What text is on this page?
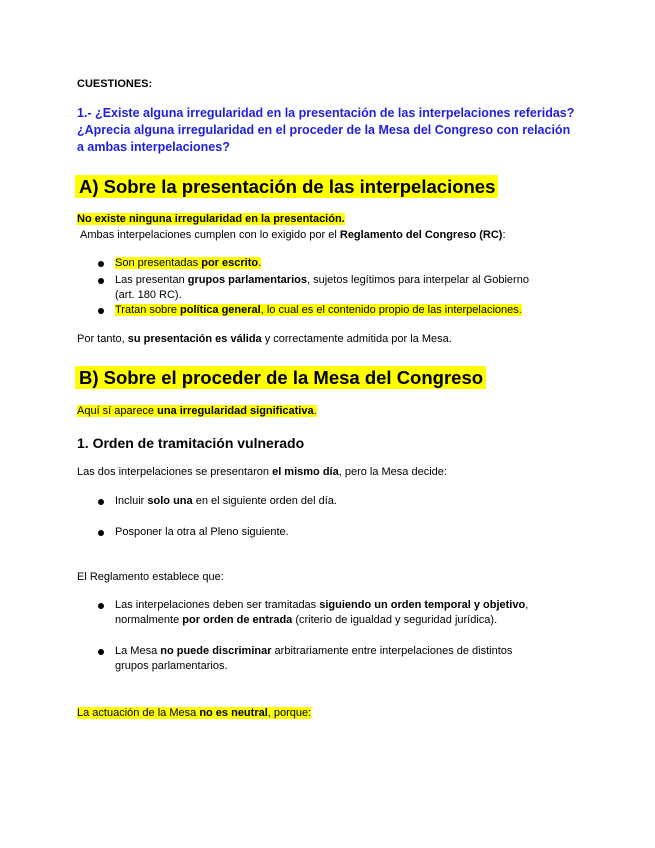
CUESTIONES:
1.- ¿Existe alguna irregularidad en la presentación de las interpelaciones referidas? ¿Aprecia alguna irregularidad en el proceder de la Mesa del Congreso con relación a ambas interpelaciones?
A) Sobre la presentación de las interpelaciones
No existe ninguna irregularidad en la presentación.
Ambas interpelaciones cumplen con lo exigido por el Reglamento del Congreso (RC):
Son presentadas por escrito.
Las presentan grupos parlamentarios, sujetos legítimos para interpelar al Gobierno (art. 180 RC).
Tratan sobre política general, lo cual es el contenido propio de las interpelaciones.
Por tanto, su presentación es válida y correctamente admitida por la Mesa.
B) Sobre el proceder de la Mesa del Congreso
Aquí sí aparece una irregularidad significativa.
1. Orden de tramitación vulnerado
Las dos interpelaciones se presentaron el mismo día, pero la Mesa decide:
Incluir solo una en el siguiente orden del día.
Posponer la otra al Pleno siguiente.
El Reglamento establece que:
Las interpelaciones deben ser tramitadas siguiendo un orden temporal y objetivo,
normalmente por orden de entrada (criterio de igualdad y seguridad jurídica).
La Mesa no puede discriminar arbitrariamente entre interpelaciones de distintos
grupos parlamentarios.
La actuación de la Mesa no es neutral, porque:
